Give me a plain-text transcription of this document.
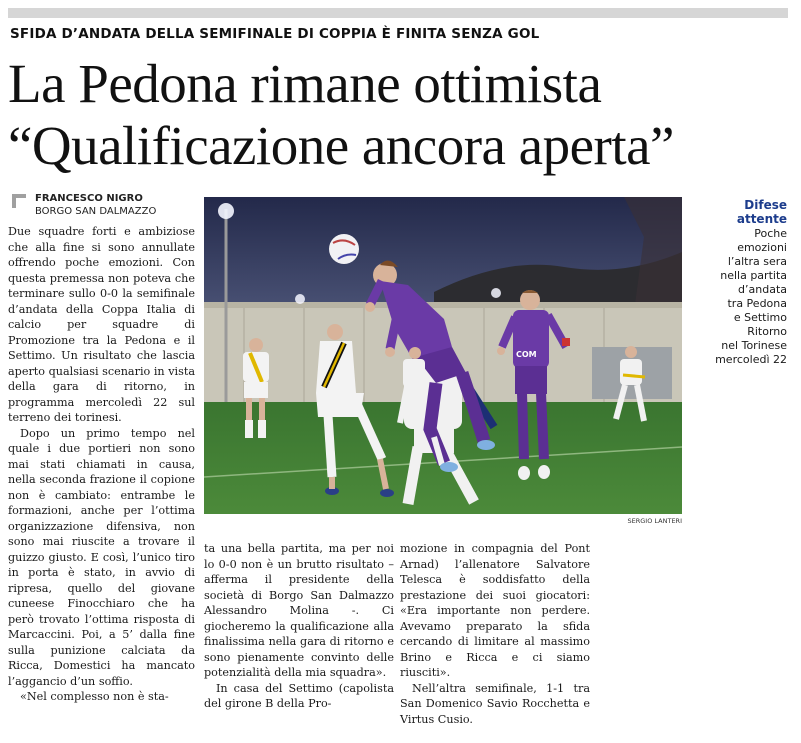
SFIDA D’ANDATA DELLA SEMIFINALE DI COPPIA È FINITA SENZA GOL
La Pedona rimane ottimista
“Qualificazione ancora aperta”
FRANCESCO NIGRO
BORGO SAN DALMAZZO

Due squadre forti e ambiziose che alla fine si sono annullate offrendo poche emozioni. Con questa premessa non poteva che terminare sullo 0-0 la semifinale d’andata della Coppa Italia di calcio per squadre di Promozione tra la Pedona e il Settimo. Un risultato che lascia aperto qualsiasi scenario in vista della gara di ritorno, in programma mercoledì 22 sul terreno dei torinesi.

Dopo un primo tempo nel quale i due portieri non sono mai stati chiamati in causa, nella seconda frazione il copione non è cambiato: entrambe le formazioni, anche per l’ottima organizzazione difensiva, non sono mai riuscite a trovare il guizzo giusto. E così, l’unico tiro in porta è stato, in avvio di ripresa, quello del giovane cuneese Finocchiaro che ha però trovato l’ottima risposta di Marcaccini. Poi, a 5’ dalla fine sulla punizione calciata da Ricca, Domestici ha mancato l’aggancio d’un soffio.

«Nel complesso non è sta-

COM
SERGIO LANTERI
Difese
attente
Poche
emozioni
l’altra sera
nella partita
d’andata
tra Pedona
e Settimo
Ritorno
nel Torinese
mercoledì 22

ta una bella partita, ma per noi lo 0-0 non è un brutto risultato – afferma il presidente della società di Borgo San Dalmazzo Alessandro Molina -. Ci giocheremo la qualificazione alla finalissima nella gara di ritorno e sono pienamente convinto delle potenzialità della mia squadra».

In casa del Settimo (capolista del girone B della Pro-

mozione in compagnia del Pont Arnad) l’allenatore Salvatore Telesca è soddisfatto della prestazione dei suoi giocatori: «Era importante non perdere. Avevamo preparato la sfida cercando di limitare al massimo Brino e Ricca e ci siamo riusciti».

Nell’altra semifinale, 1-1 tra San Domenico Savio Rocchetta e Virtus Cusio.
